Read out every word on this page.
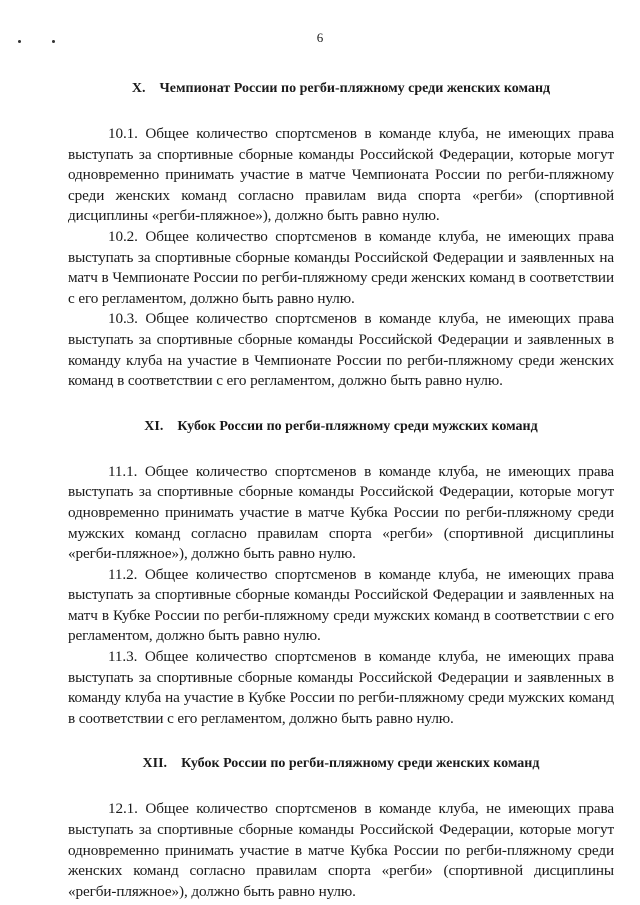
6

X. Чемпионат России по регби-пляжному среди женских команд

10.1. Общее количество спортсменов в команде клуба, не имеющих права выступать за спортивные сборные команды Российской Федерации, которые могут одновременно принимать участие в матче Чемпионата России по регби-пляжному среди женских команд согласно правилам вида спорта «регби» (спортивной дисциплины «регби-пляжное»), должно быть равно нулю.

10.2. Общее количество спортсменов в команде клуба, не имеющих права выступать за спортивные сборные команды Российской Федерации и заявленных на матч в Чемпионате России по регби-пляжному среди женских команд в соответствии с его регламентом, должно быть равно нулю.

10.3. Общее количество спортсменов в команде клуба, не имеющих права выступать за спортивные сборные команды Российской Федерации и заявленных в команду клуба на участие в Чемпионате России по регби-пляжному среди женских команд в соответствии с его регламентом, должно быть равно нулю.

XI. Кубок России по регби-пляжному среди мужских команд

11.1. Общее количество спортсменов в команде клуба, не имеющих права выступать за спортивные сборные команды Российской Федерации, которые могут одновременно принимать участие в матче Кубка России по регби-пляжному среди мужских команд согласно правилам спорта «регби» (спортивной дисциплины «регби-пляжное»), должно быть равно нулю.

11.2. Общее количество спортсменов в команде клуба, не имеющих права выступать за спортивные сборные команды Российской Федерации и заявленных на матч в Кубке России по регби-пляжному среди мужских команд в соответствии с его регламентом, должно быть равно нулю.

11.3. Общее количество спортсменов в команде клуба, не имеющих права выступать за спортивные сборные команды Российской Федерации и заявленных в команду клуба на участие в Кубке России по регби-пляжному среди мужских команд в соответствии с его регламентом, должно быть равно нулю.

XII. Кубок России по регби-пляжному среди женских команд

12.1. Общее количество спортсменов в команде клуба, не имеющих права выступать за спортивные сборные команды Российской Федерации, которые могут одновременно принимать участие в матче Кубка России по регби-пляжному среди женских команд согласно правилам спорта «регби» (спортивной дисциплины «регби-пляжное»), должно быть равно нулю.
